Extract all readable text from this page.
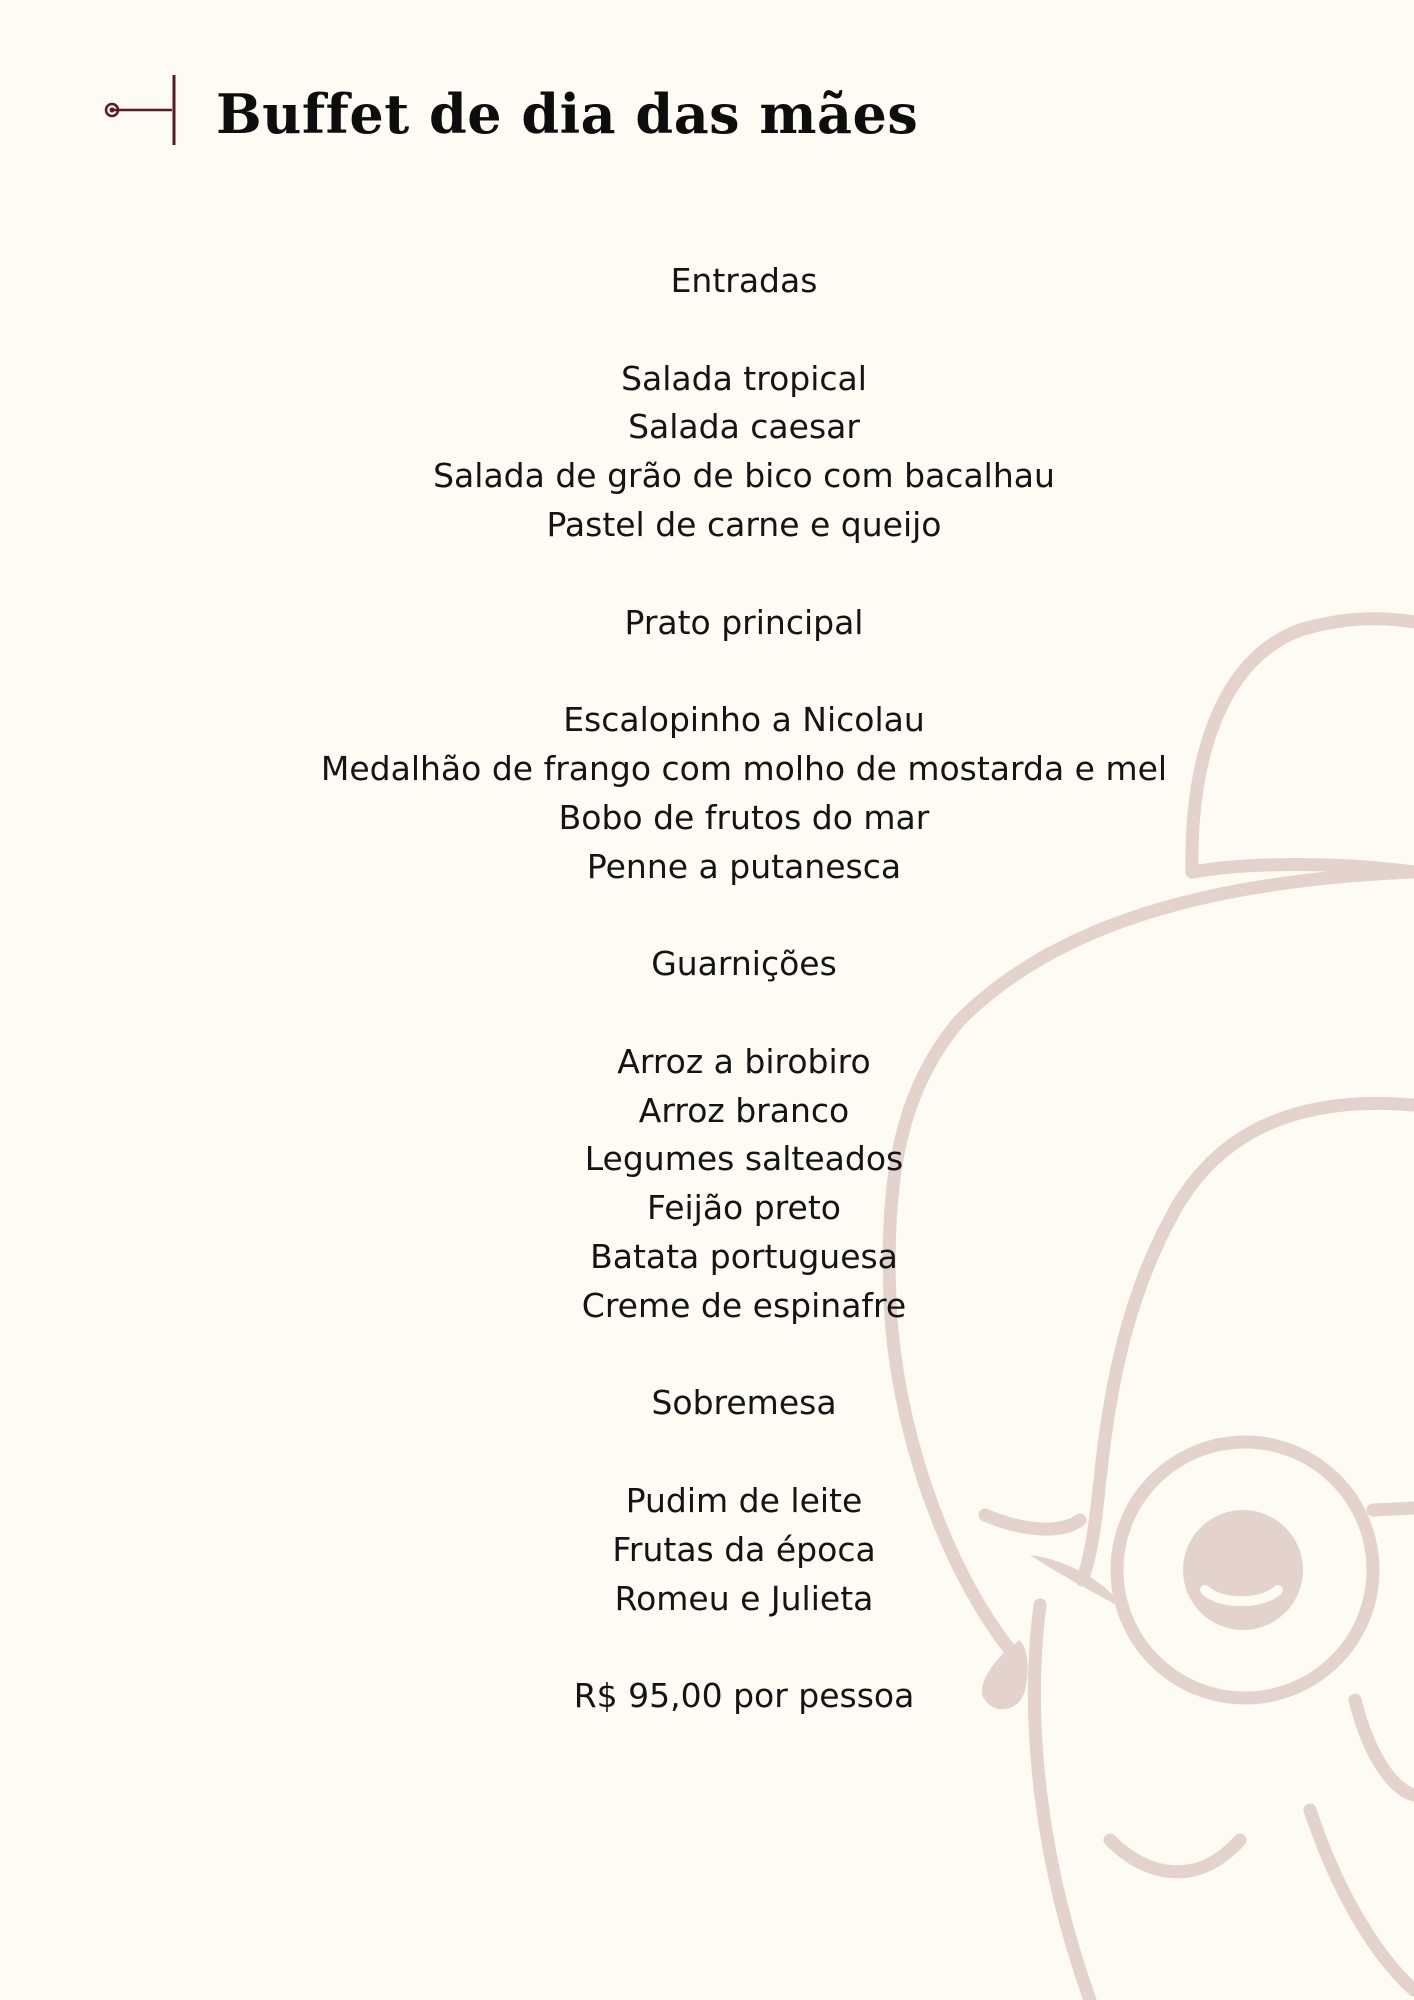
Buffet de dia das mães
Entradas
Salada tropical
Salada caesar
Salada de grão de bico com bacalhau
Pastel de carne e queijo
Prato principal
Escalopinho a Nicolau
Medalhão de frango com molho de mostarda e mel
Bobo de frutos do mar
Penne a putanesca
Guarnições
Arroz a birobiro
Arroz branco
Legumes salteados
Feijão preto
Batata portuguesa
Creme de espinafre
Sobremesa
Pudim de leite
Frutas da época
Romeu e Julieta
R$ 95,00 por pessoa
